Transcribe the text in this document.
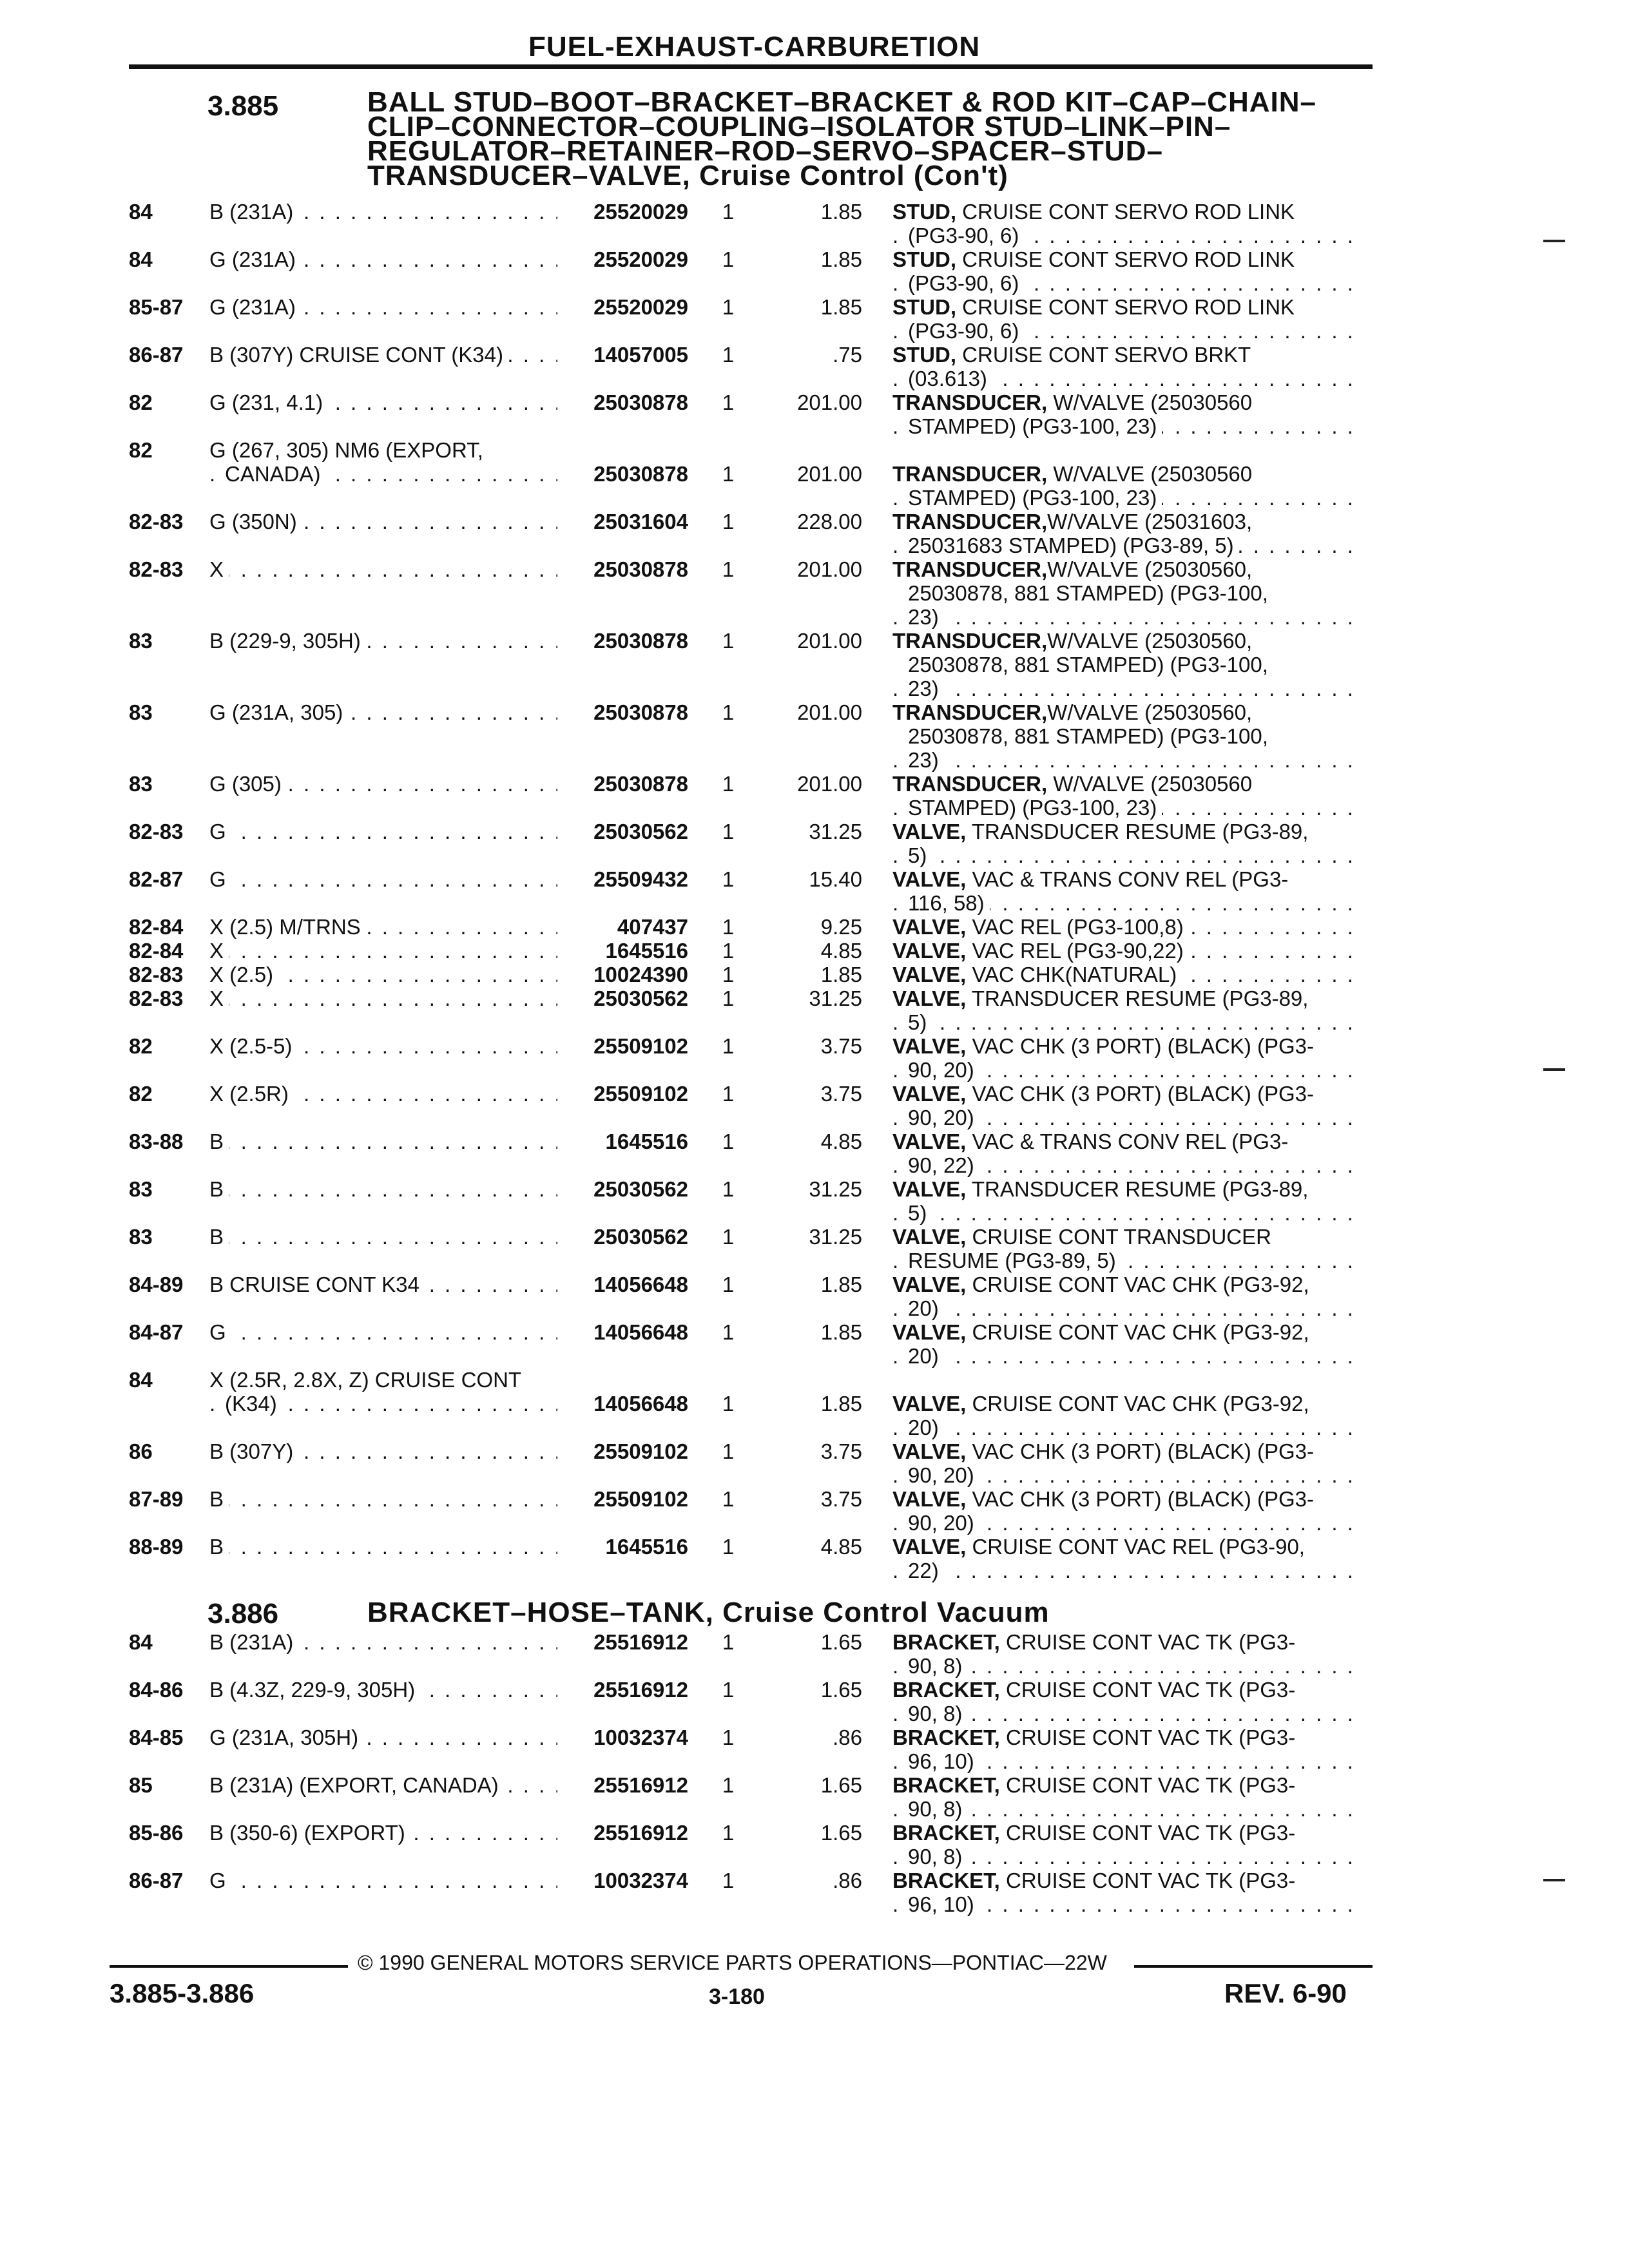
FUEL-EXHAUST-CARBURETION
3.885	BALL STUD–BOOT–BRACKET–BRACKET & ROD KIT–CAP–CHAIN–CLIP–CONNECTOR–COUPLING–ISOLATOR STUD–LINK–PIN–REGULATOR–RETAINER–ROD–SERVO–SPACER–STUD–TRANSDUCER–VALVE, Cruise Control (Con't)
3.886	BRACKET–HOSE–TANK, Cruise Control Vacuum
84	B (231A) . . .	25520029 1	1.85 STUD, CRUISE CONT SERVO ROD LINK
(PG3-90, 6) . . .
84	G (231A) . . .	25520029 1	1.85 STUD, CRUISE CONT SERVO ROD LINK
(PG3-90, 6) . . .
85-87 G (231A) . . .	25520029 1	1.85 STUD, CRUISE CONT SERVO ROD LINK
(PG3-90, 6) . . .
86-87 B (307Y) CRUISE CONT (K34) . . .	14057005 1	.75 STUD, CRUISE CONT SERVO BRKT
(03.613) . . .
82	G (231, 4.1) . . .	25030878 1	201.00 TRANSDUCER, W/VALVE (25030560
STAMPED) (PG3-100, 23) . . .
82	G (267, 305) NM6 (EXPORT,
CANADA) . . .	25030878 1	201.00 TRANSDUCER, W/VALVE (25030560
STAMPED) (PG3-100, 23) . . .
82-83 G (350N) . . .	25031604 1	228.00 TRANSDUCER,W/VALVE (25031603,
25031683 STAMPED) (PG3-89, 5) . . .
82-83 X . . .	25030878 1	201.00 TRANSDUCER,W/VALVE (25030560,
25030878, 881 STAMPED) (PG3-100,
23) . . .
83	B (229-9, 305H) . . .	25030878 1	201.00 TRANSDUCER,W/VALVE (25030560,
25030878, 881 STAMPED) (PG3-100,
23) . . .
83	G (231A, 305) . . .	25030878 1	201.00 TRANSDUCER,W/VALVE (25030560,
25030878, 881 STAMPED) (PG3-100,
23) . . .
83	G (305) . . .	25030878 1	201.00 TRANSDUCER, W/VALVE (25030560
STAMPED) (PG3-100, 23) . . .
82-83 G . . .	25030562 1	31.25 VALVE, TRANSDUCER RESUME (PG3-89,
5) . . .
82-87 G . . .	25509432 1	15.40 VALVE, VAC & TRANS CONV REL (PG3-
116, 58) . . .
82-84 X (2.5) M/TRNS . . .	407437 1	9.25 VALVE, VAC REL (PG3-100,8) . . .
82-84 X . . .	1645516 1	4.85 VALVE, VAC REL (PG3-90,22) . . .
82-83 X (2.5) . . .	10024390 1	1.85 VALVE, VAC CHK(NATURAL) . . .
82-83 X . . .	25030562 1	31.25 VALVE, TRANSDUCER RESUME (PG3-89,
5) . . .
82	X (2.5-5) . . .	25509102 1	3.75 VALVE, VAC CHK (3 PORT) (BLACK) (PG3-
90, 20) . . .
82	X (2.5R) . . .	25509102 1	3.75 VALVE, VAC CHK (3 PORT) (BLACK) (PG3-
90, 20) . . .
83-88 B . . .	1645516 1	4.85 VALVE, VAC & TRANS CONV REL (PG3-
90, 22) . . .
83	B . . .	25030562 1	31.25 VALVE, TRANSDUCER RESUME (PG3-89,
5) . . .
83	B . . .	25030562 1	31.25 VALVE, CRUISE CONT TRANSDUCER
RESUME (PG3-89, 5) . . .
84-89 B CRUISE CONT K34 . . .	14056648 1	1.85 VALVE, CRUISE CONT VAC CHK (PG3-92,
20) . . .
84-87 G . . .	14056648 1	1.85 VALVE, CRUISE CONT VAC CHK (PG3-92,
20) . . .
84	X (2.5R, 2.8X, Z) CRUISE CONT
(K34) . . .	14056648 1	1.85 VALVE, CRUISE CONT VAC CHK (PG3-92,
20) . . .
86	B (307Y) . . .	25509102 1	3.75 VALVE, VAC CHK (3 PORT) (BLACK) (PG3-
90, 20) . . .
87-89 B . . .	25509102 1	3.75 VALVE, VAC CHK (3 PORT) (BLACK) (PG3-
90, 20) . . .
88-89 B . . .	1645516 1	4.85 VALVE, CRUISE CONT VAC REL (PG3-90,
22) . . .
84	B (231A) . . .	25516912 1	1.65 BRACKET, CRUISE CONT VAC TK (PG3-
90, 8) . . .
84-86 B (4.3Z, 229-9, 305H) . . .	25516912 1	1.65 BRACKET, CRUISE CONT VAC TK (PG3-
90, 8) . . .
84-85 G (231A, 305H) . . .	10032374 1	.86 BRACKET, CRUISE CONT VAC TK (PG3-
96, 10) . . .
85	B (231A) (EXPORT, CANADA) . . .	25516912 1	1.65 BRACKET, CRUISE CONT VAC TK (PG3-
90, 8) . . .
85-86 B (350-6) (EXPORT) . . .	25516912 1	1.65 BRACKET, CRUISE CONT VAC TK (PG3-
90, 8) . . .
86-87 G . . .	10032374 1	.86 BRACKET, CRUISE CONT VAC TK (PG3-
96, 10) . . .
© 1990 GENERAL MOTORS SERVICE PARTS OPERATIONS—PONTIAC—22W
3.885-3.886	3-180	REV. 6-90
